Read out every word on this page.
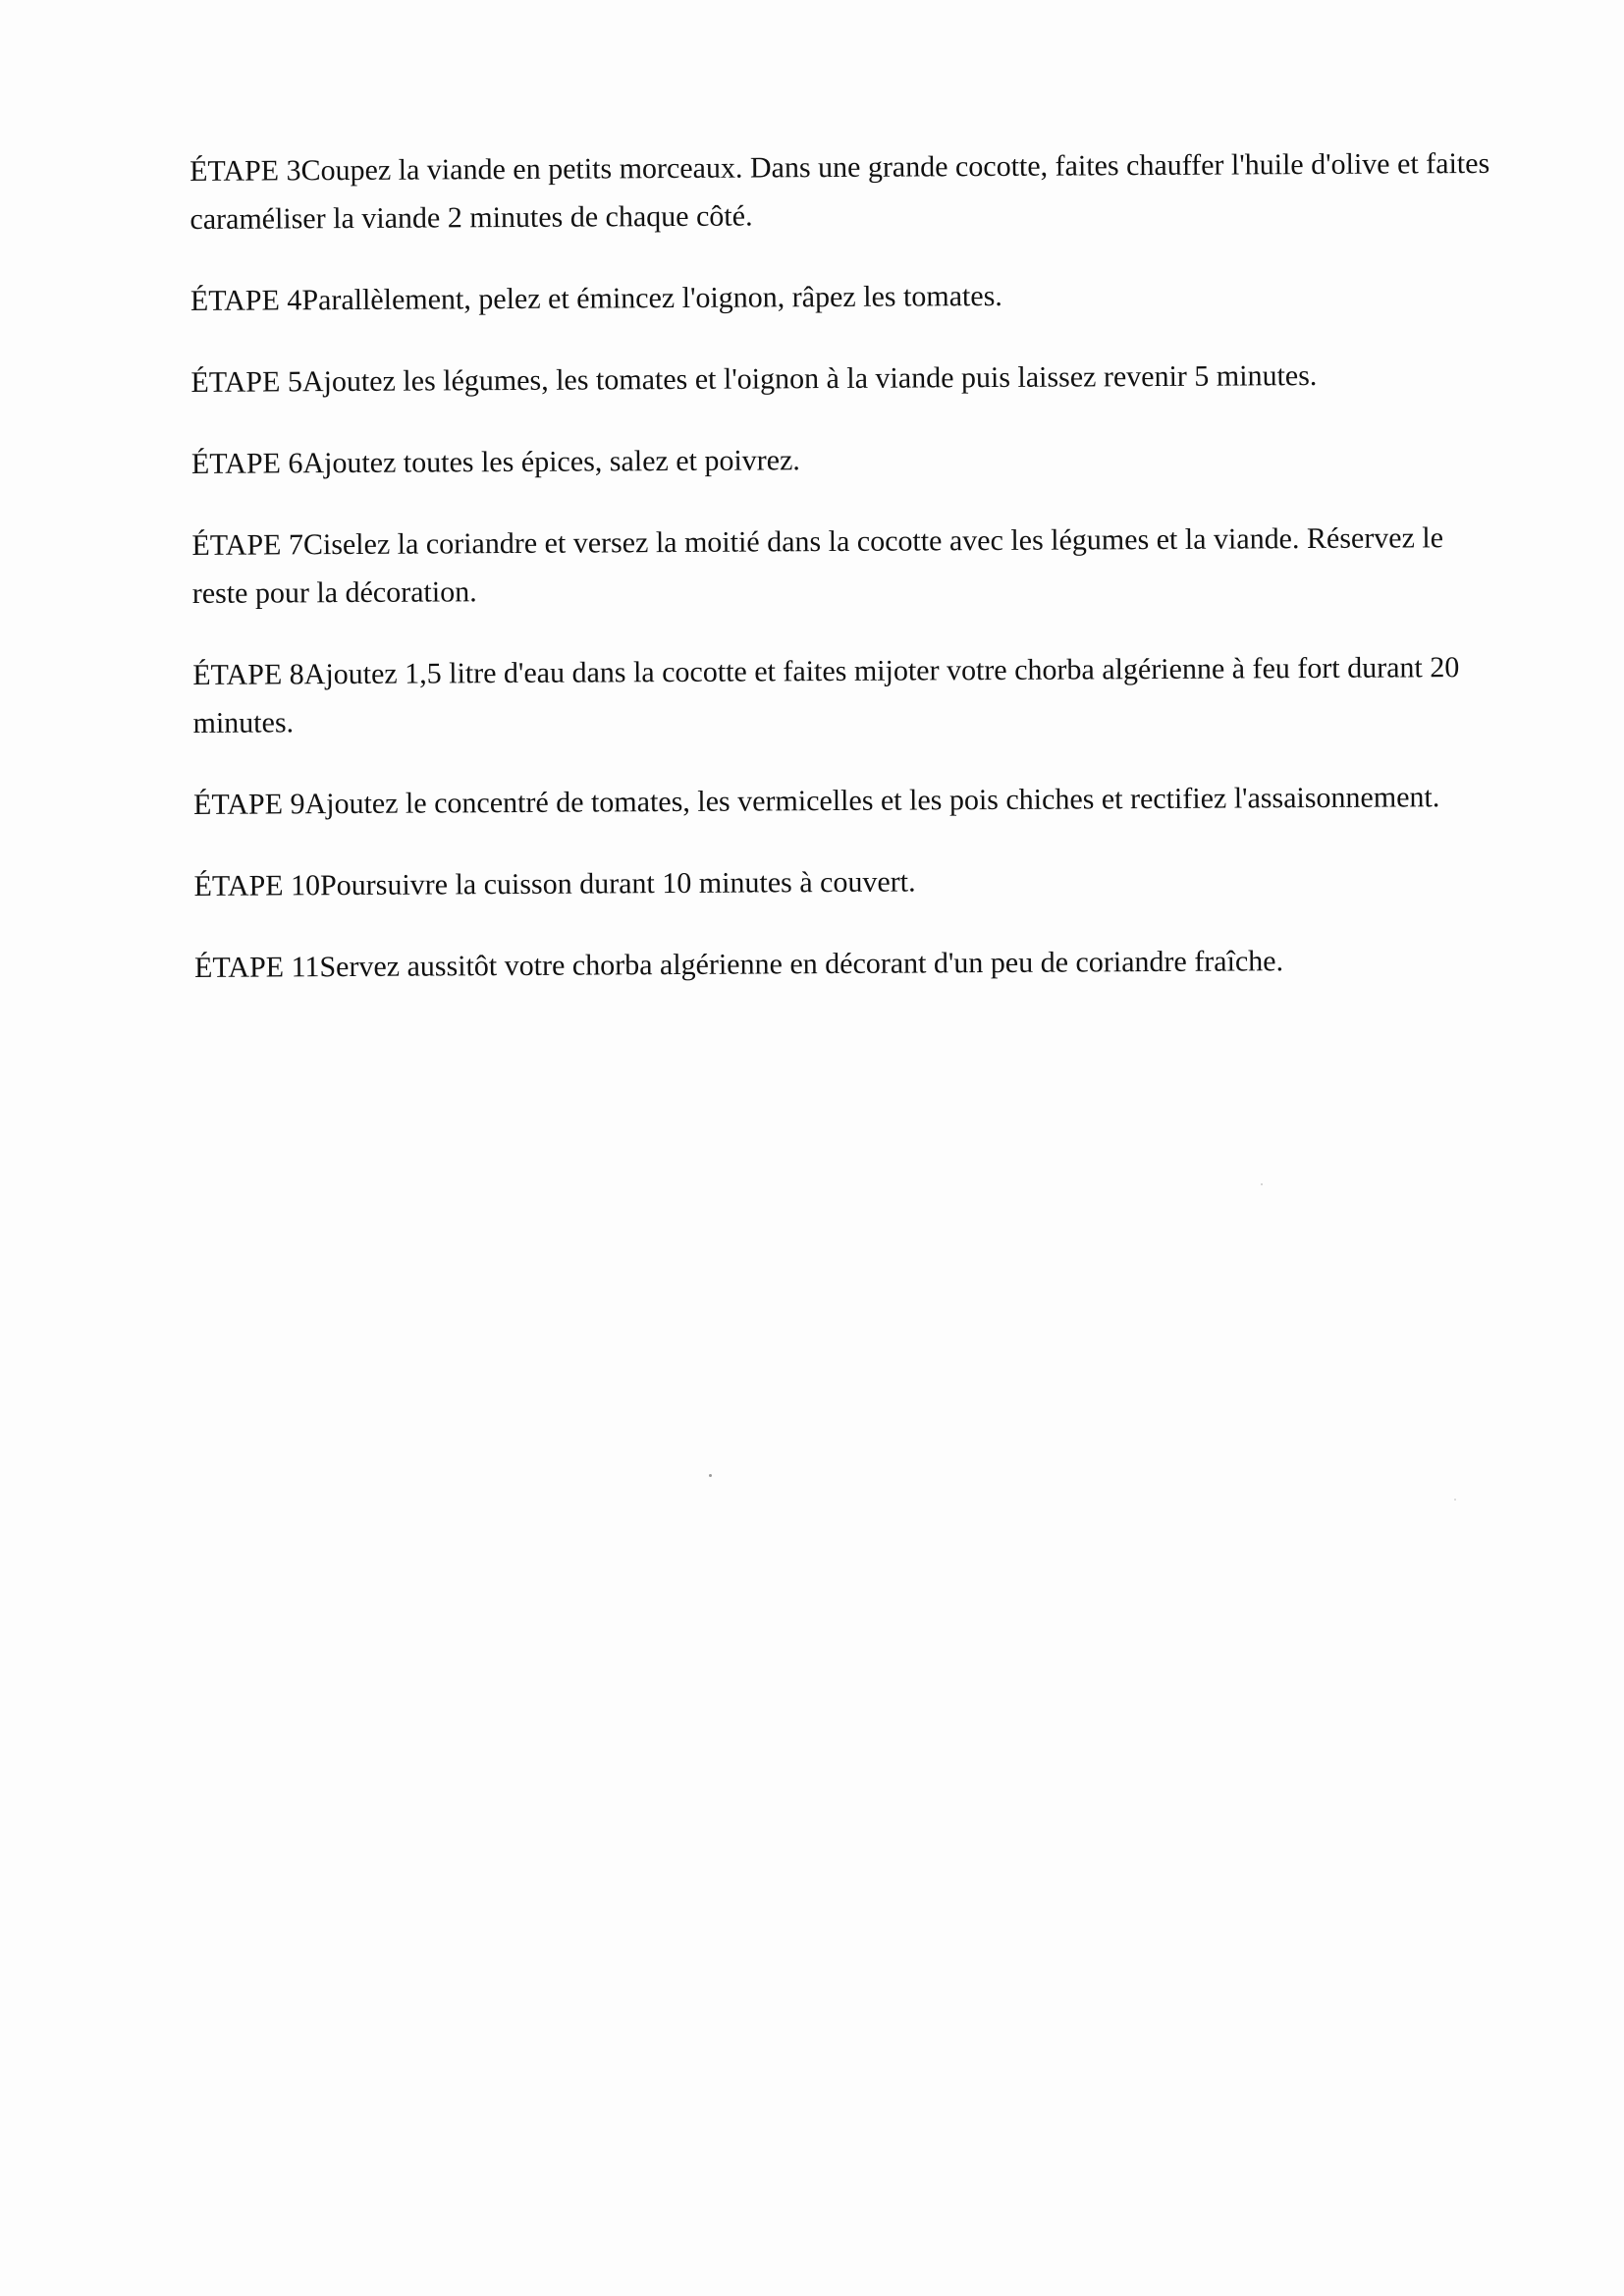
ÉTAPE 3Coupez la viande en petits morceaux. Dans une grande cocotte, faites chauffer l'huile d'olive et faites caraméliser la viande 2 minutes de chaque côté.
ÉTAPE 4Parallèlement, pelez et émincez l'oignon, râpez les tomates.
ÉTAPE 5Ajoutez les légumes, les tomates et l'oignon à la viande puis laissez revenir 5 minutes.
ÉTAPE 6Ajoutez toutes les épices, salez et poivrez.
ÉTAPE 7Ciselez la coriandre et versez la moitié dans la cocotte avec les légumes et la viande. Réservez le reste pour la décoration.
ÉTAPE 8Ajoutez 1,5 litre d'eau dans la cocotte et faites mijoter votre chorba algérienne à feu fort durant 20 minutes.
ÉTAPE 9Ajoutez le concentré de tomates, les vermicelles et les pois chiches et rectifiez l'assaisonnement.
ÉTAPE 10Poursuivre la cuisson durant 10 minutes à couvert.
ÉTAPE 11Servez aussitôt votre chorba algérienne en décorant d'un peu de coriandre fraîche.
